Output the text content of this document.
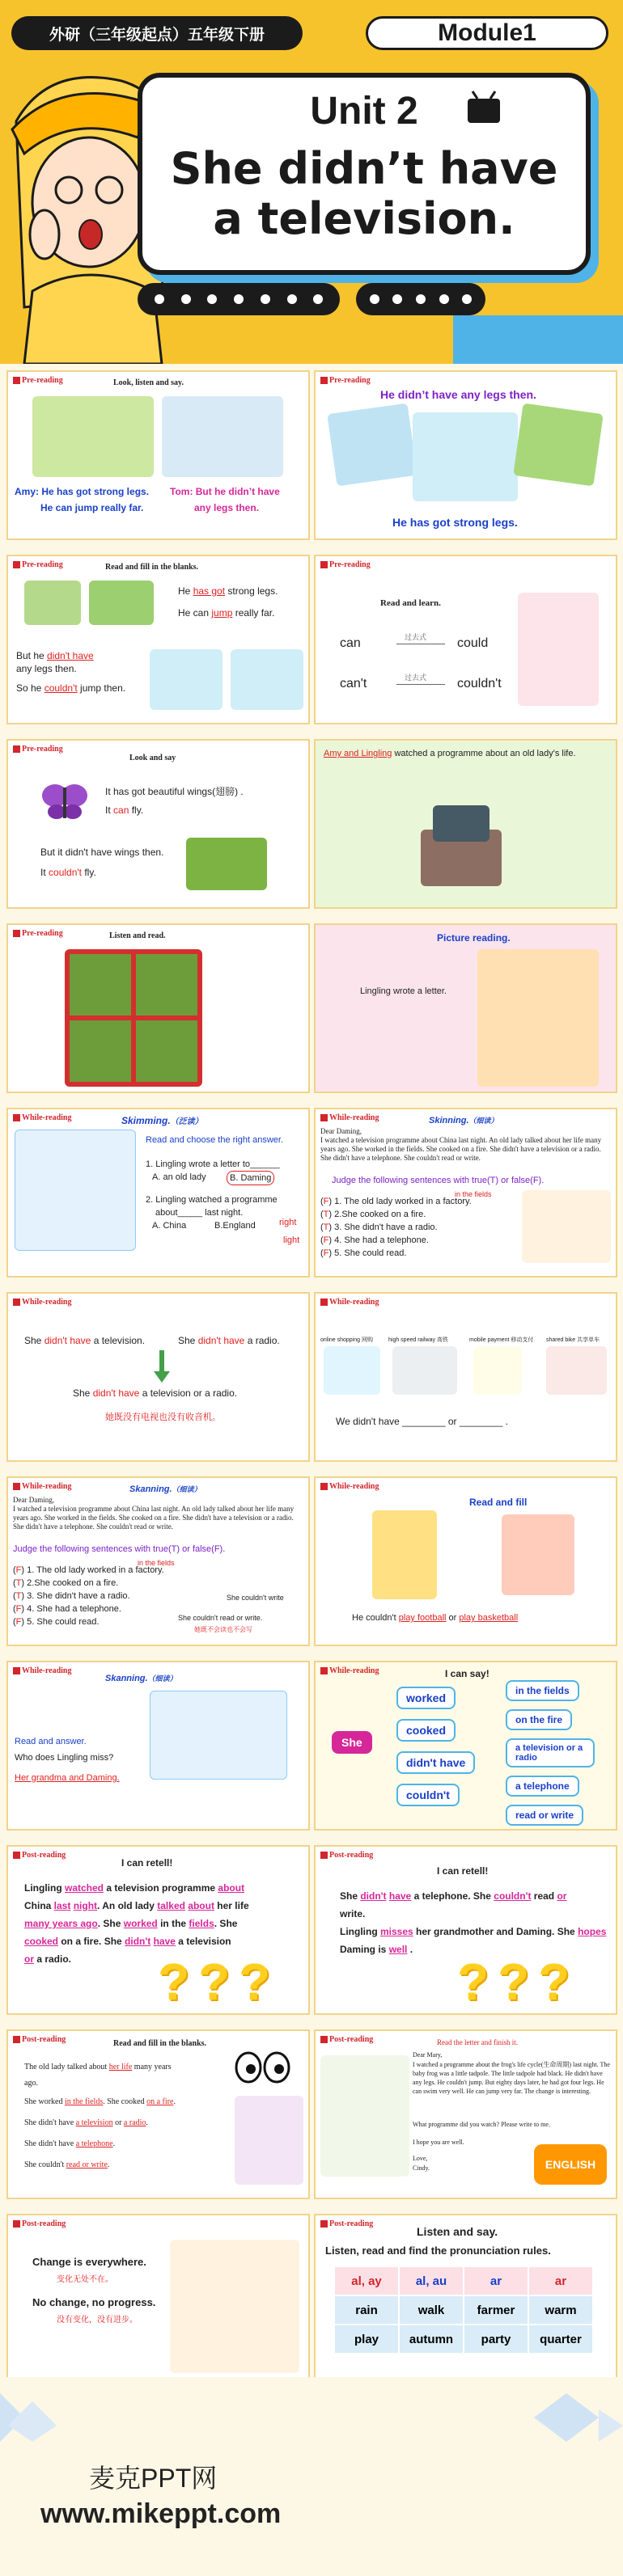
外研（三年级起点）五年级下册	Module1
Unit 2
She didn’t have
a television.
Pre-reading	Look, listen and say.
Amy: He has got strong legs.
He can jump really far.
Tom: But he didn’t have
any legs then.
Pre-reading
He didn’t have any legs then.
He has got strong legs.
Pre-reading	Read and fill in the blanks.
He has got strong legs.
He can jump really far.
But he didn't have
any legs then.
So he couldn't jump then.
Pre-reading
Read and learn.
can	过去式 could
can't	过去式 couldn't
Pre-reading
Look and say
It has got beautiful wings(翅膀) .
It can fly.
But it didn't have wings then.
It couldn't fly.
Amy and Lingling watched a programme about an old lady's life.
Pre-reading	Listen and read.	Picture reading.
Lingling wrote a letter.
While-reading	Skimming.（泛读）
Read and choose the right answer.
1. Lingling wrote a letter to______
A. an old lady	B. Daming
2. Lingling watched a programme
about_____ last night.
A. China	B.England	right
light
While-reading	Skinning.（细读）
Dear Daming,
I watched a television programme about China last night. An old lady talked about her life many years ago. She worked in the fields. She cooked on a fire. She didn't have a television or a radio. She didn't have a telephone. She couldn't read or write.
Judge the following sentences with true(T) or false(F).
in the fields
(F) 1. The old lady worked in a factory.
(T) 2.She cooked on a fire.
(T) 3. She didn't have a radio.
(F) 4. She had a telephone.
(F) 5. She could read.
While-reading
She didn't have a television.	She didn't have a radio.
She didn't have a television or a radio.
她既没有电视也没有收音机。
While-reading
online shopping 网购	high speed railway 高铁	mobile payment 移动支付 shared bike 共享单车
We didn't have ________ or ________ .
While-reading	Skanning.（细读）
Dear Daming,
I watched a television programme about China last night. An old lady talked about her life many years ago. She worked in the fields. She cooked on a fire. She didn't have a television or a radio. She didn't have a telephone. She couldn't read or write.
Judge the following sentences with true(T) or false(F).
in the fields
(F) 1. The old lady worked in a factory.
(T) 2.She cooked on a fire.
(T) 3. She didn't have a radio.
(F) 4. She had a telephone.
(F) 5. She could read.
She couldn't write
She couldn't read or write.
她既不会读也不会写
While-reading
Read and fill
He couldn't play football or play basketball
While-reading
Skanning.（细读）
Read and answer.
Who does Lingling miss?
Her grandma and Daming.
While-reading	I can say!
She
worked
cooked
didn't have
couldn't
in the fields
on the fire
a television or a radio
a telephone
read or write
Post-reading
I can retell!
Lingling watched a television programme about
China last night. An old lady talked about her life
many years ago. She worked in the fields. She
cooked on a fire. She didn't have a television
or a radio.	? ? ?
Post-reading
I can retell!
She didn't have a telephone. She couldn't read or
write.
Lingling misses her grandmother and Daming. She hopes
Daming is well .
? ? ?
Post-reading	Read and fill in the blanks.
The old lady talked about her life many years
ago.
She worked in the fields. She cooked on a fire.
She didn't have a television or a radio.
She didn't have a telephone.
She couldn't read or write.
Post-reading	Read the letter and finish it.
Dear Mary,
I watched a programme about the frog's life cycle(生命周期) last night. The baby frog was a little tadpole. The little tadpole had black. He didn't have any legs. He couldn't jump. But eighty days later, he had got four legs. He can swim very well. He can jump very far. The change is interesting.
What programme did you watch? Please write to me.
I hope you are well.
Love,
Cindy.	ENGLISH
Post-reading
Change is everywhere.
变化无处不在。
No change, no progress.
没有变化，没有进步。
Post-reading
Listen and say.
Listen, read and find the pronunciation rules.
al, ay	al, au	ar	ar
rain	walk	farmer	warm
play	autumn	party	quarter
麦克PPT网
www.mikeppt.com
